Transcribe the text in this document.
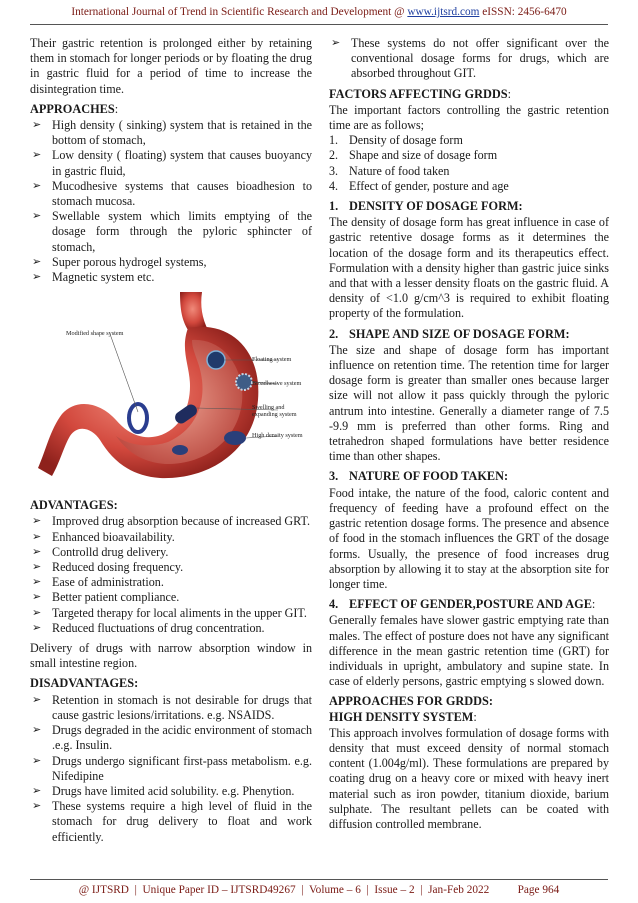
International Journal of Trend in Scientific Research and Development @ www.ijtsrd.com eISSN: 2456-6470

Their gastric retention is prolonged either by retaining them in stomach for longer periods or by floating the drug in gastric fluid for a period of time to increase the disintegration time.

APPROACHES:
➢ High density ( sinking) system that is retained in the bottom of stomach,
➢ Low density ( floating) system that causes buoyancy in gastric fluid,
➢ Mucodhesive systems that causes bioadhesion to stomach mucosa.
➢ Swellable system which limits emptying of the dosage form through the pyloric sphincter of stomach,
➢ Super porous hydrogel systems,
➢ Magnetic system etc.
Modified shape system
Floating system
Bioadhesive system
Swelling and
expanding system
High density system
ADVANTAGES:
➢ Improved drug absorption because of increased GRT.
➢ Enhanced bioavailability.
➢ Controlld drug delivery.
➢ Reduced dosing frequency.
➢ Ease of administration.
➢ Better patient compliance.
➢ Targeted therapy for local aliments in the upper GIT.
➢ Reduced fluctuations of drug concentration.

Delivery of drugs with narrow absorption window in small intestine region.

DISADVANTAGES:
➢ Retention in stomach is not desirable for drugs that cause gastric lesions/irritations. e.g. NSAIDS.
➢ Drugs degraded in the acidic environment of stomach .e.g. Insulin.
➢ Drugs undergo significant first-pass metabolism. e.g. Nifedipine
➢ Drugs have limited acid solubility. e.g. Phenytion.
➢ These systems require a high level of fluid in the stomach for drug delivery to float and work efficiently.
➢ These systems do not offer significant over the conventional dosage forms for drugs, which are absorbed throughout GIT.
FACTORS AFFECTING GRDDS:

The important factors controlling the gastric retention time are as follows;

1. Density of dosage form
2. Shape and size of dosage form
3. Nature of food taken
4. Effect of gender, posture and age
1. DENSITY OF DOSAGE FORM:

The density of dosage form has great influence in case of gastric retentive dosage forms as it determines the location of the dosage form and its therapeutics effect. Formulation with a density higher than gastric juice sinks and that with a lesser density floats on the gastric fluid. A density of <1.0 g/cm^3 is required to exhibit floating property of the formulation.

2. SHAPE AND SIZE OF DOSAGE FORM:

The size and shape of dosage form has important influence on retention time. The retention time for larger dosage form is greater than smaller ones because larger size will not allow it pass quickly through the pyloric antrum into intestine. Generally a diameter range of 7.5 -9.9 mm is preferred than other forms. Ring and tetrahedron shaped formulations have better residence time than other shapes.

3. NATURE OF FOOD TAKEN:

Food intake, the nature of the food, caloric content and frequency of feeding have a profound effect on the gastric retention dosage forms. The presence and absence of food in the stomach influences the GRT of the dosage forms. Usually, the presence of food increases drug absorption by allowing it to stay at the absorption site for longer time.

4. EFFECT OF GENDER,POSTURE AND AGE:

Generally females have slower gastric emptying rate than males. The effect of posture does not have any significant difference in the mean gastric retention time (GRT) for individuals in upright, ambulatory and supine state. In case of elderly persons, gastric emptying s slowed down.

APPROACHES FOR GRDDS:
HIGH DENSITY SYSTEM:

This approach involves formulation of dosage forms with density that must exceed density of normal stomach content (1.004g/ml). These formulations are prepared by coating drug on a heavy core or mixed with heavy inert material such as iron powder, titanium dioxide, barium sulphate. The resultant pellets can be coated with diffusion controlled membrane.

@ IJTSRD  |  Unique Paper ID – IJTSRD49267  |  Volume – 6  |  Issue – 2  |  Jan-Feb 2022          Page 964
